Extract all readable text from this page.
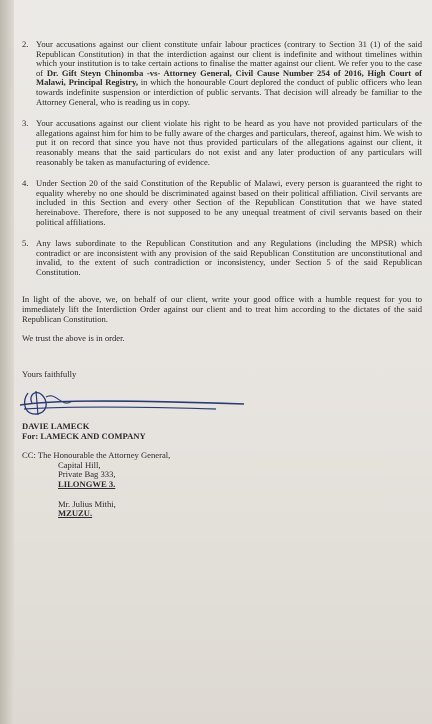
2. Your accusations against our client constitute unfair labour practices (contrary to Section 31 (1) of the said Republican Constitution) in that the interdiction against our client is indefinite and without timelines within which your institution is to take certain actions to finalise the matter against our client. We refer you to the case of Dr. Gift Steyn Chinomba -vs- Attorney General, Civil Cause Number 254 of 2016, High Court of Malawi, Principal Registry, in which the honourable Court deplored the conduct of public officers who lean towards indefinite suspension or interdiction of public servants. That decision will already be familiar to the Attorney General, who is reading us in copy.
3. Your accusations against our client violate his right to be heard as you have not provided particulars of the allegations against him for him to be fully aware of the charges and particulars, thereof, against him. We wish to put it on record that since you have not thus provided particulars of the allegations against our client, it reasonably means that the said particulars do not exist and any later production of any particulars will reasonably be taken as manufacturing of evidence.
4. Under Section 20 of the said Constitution of the Republic of Malawi, every person is guaranteed the right to equality whereby no one should be discriminated against based on their political affiliation. Civil servants are included in this Section and every other Section of the Republican Constitution that we have stated hereinabove. Therefore, there is not supposed to be any unequal treatment of civil servants based on their political affiliations.
5. Any laws subordinate to the Republican Constitution and any Regulations (including the MPSR) which contradict or are inconsistent with any provision of the said Republican Constitution are unconstitutional and invalid, to the extent of such contradiction or inconsistency, under Section 5 of the said Republican Constitution.
In light of the above, we, on behalf of our client, write your good office with a humble request for you to immediately lift the Interdiction Order against our client and to treat him according to the dictates of the said Republican Constitution.
We trust the above is in order.
Yours faithfully
DAVIE LAMECK
For: LAMECK AND COMPANY
CC: The Honourable the Attorney General,
Capital Hill,
Private Bag 333,
LILONGWE 3.
Mr. Julius Mithi,
MZUZU.
